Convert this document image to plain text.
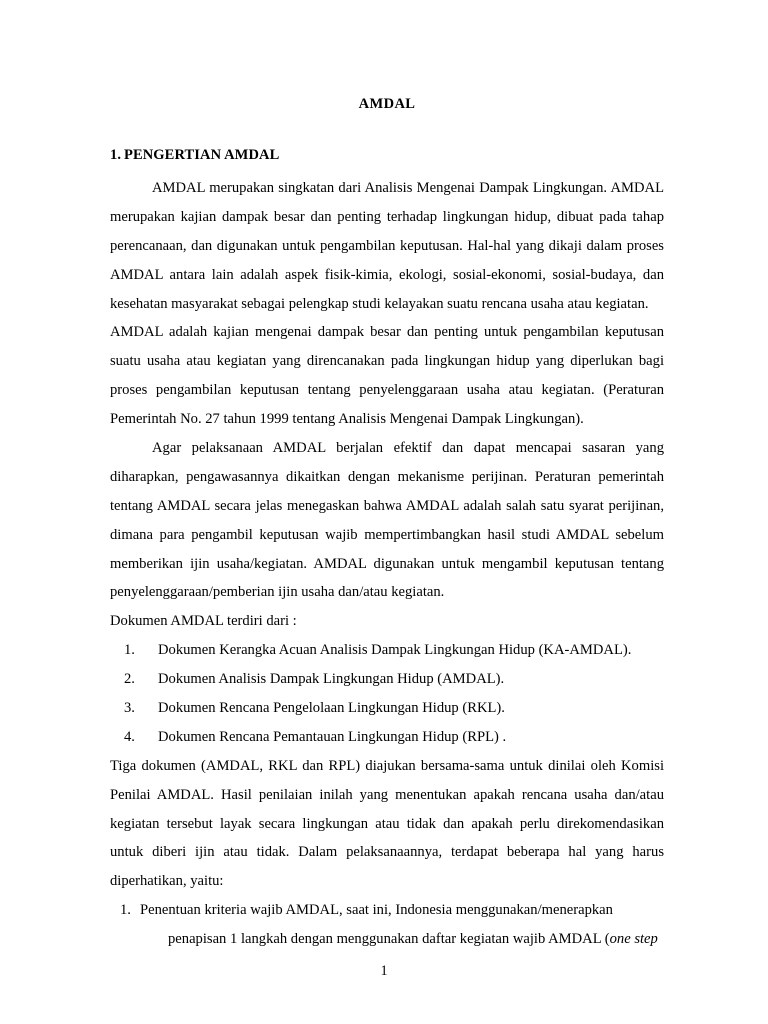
AMDAL
1. PENGERTIAN AMDAL

AMDAL merupakan singkatan dari Analisis Mengenai Dampak Lingkungan. AMDAL merupakan kajian dampak besar dan penting terhadap lingkungan hidup, dibuat pada tahap perencanaan, dan digunakan untuk pengambilan keputusan. Hal-hal yang dikaji dalam proses AMDAL antara lain adalah aspek fisik-kimia, ekologi, sosial-ekonomi, sosial-budaya, dan kesehatan masyarakat sebagai pelengkap studi kelayakan suatu rencana usaha atau kegiatan.

AMDAL adalah kajian mengenai dampak besar dan penting untuk pengambilan keputusan suatu usaha atau kegiatan yang direncanakan pada lingkungan hidup yang diperlukan bagi proses pengambilan keputusan tentang penyelenggaraan usaha atau kegiatan. (Peraturan Pemerintah No. 27 tahun 1999 tentang Analisis Mengenai Dampak Lingkungan).

Agar pelaksanaan AMDAL berjalan efektif dan dapat mencapai sasaran yang diharapkan, pengawasannya dikaitkan dengan mekanisme perijinan. Peraturan pemerintah tentang AMDAL secara jelas menegaskan bahwa AMDAL adalah salah satu syarat perijinan, dimana para pengambil keputusan wajib mempertimbangkan hasil studi AMDAL sebelum memberikan ijin usaha/kegiatan. AMDAL digunakan untuk mengambil keputusan tentang penyelenggaraan/pemberian ijin usaha dan/atau kegiatan.

Dokumen AMDAL terdiri dari :

1.	Dokumen Kerangka Acuan Analisis Dampak Lingkungan Hidup (KA-AMDAL).
2.	Dokumen Analisis Dampak Lingkungan Hidup (AMDAL).
3.	Dokumen Rencana Pengelolaan Lingkungan Hidup (RKL).
4.	Dokumen Rencana Pemantauan Lingkungan Hidup (RPL) .

Tiga dokumen (AMDAL, RKL dan RPL) diajukan bersama-sama untuk dinilai oleh Komisi Penilai AMDAL. Hasil penilaian inilah yang menentukan apakah rencana usaha dan/atau kegiatan tersebut layak secara lingkungan atau tidak dan apakah perlu direkomendasikan untuk diberi ijin atau tidak. Dalam pelaksanaannya, terdapat beberapa hal yang harus diperhatikan, yaitu:

1. Penentuan kriteria wajib AMDAL, saat ini, Indonesia menggunakan/menerapkan
penapisan 1 langkah dengan menggunakan daftar kegiatan wajib AMDAL (one step
1
